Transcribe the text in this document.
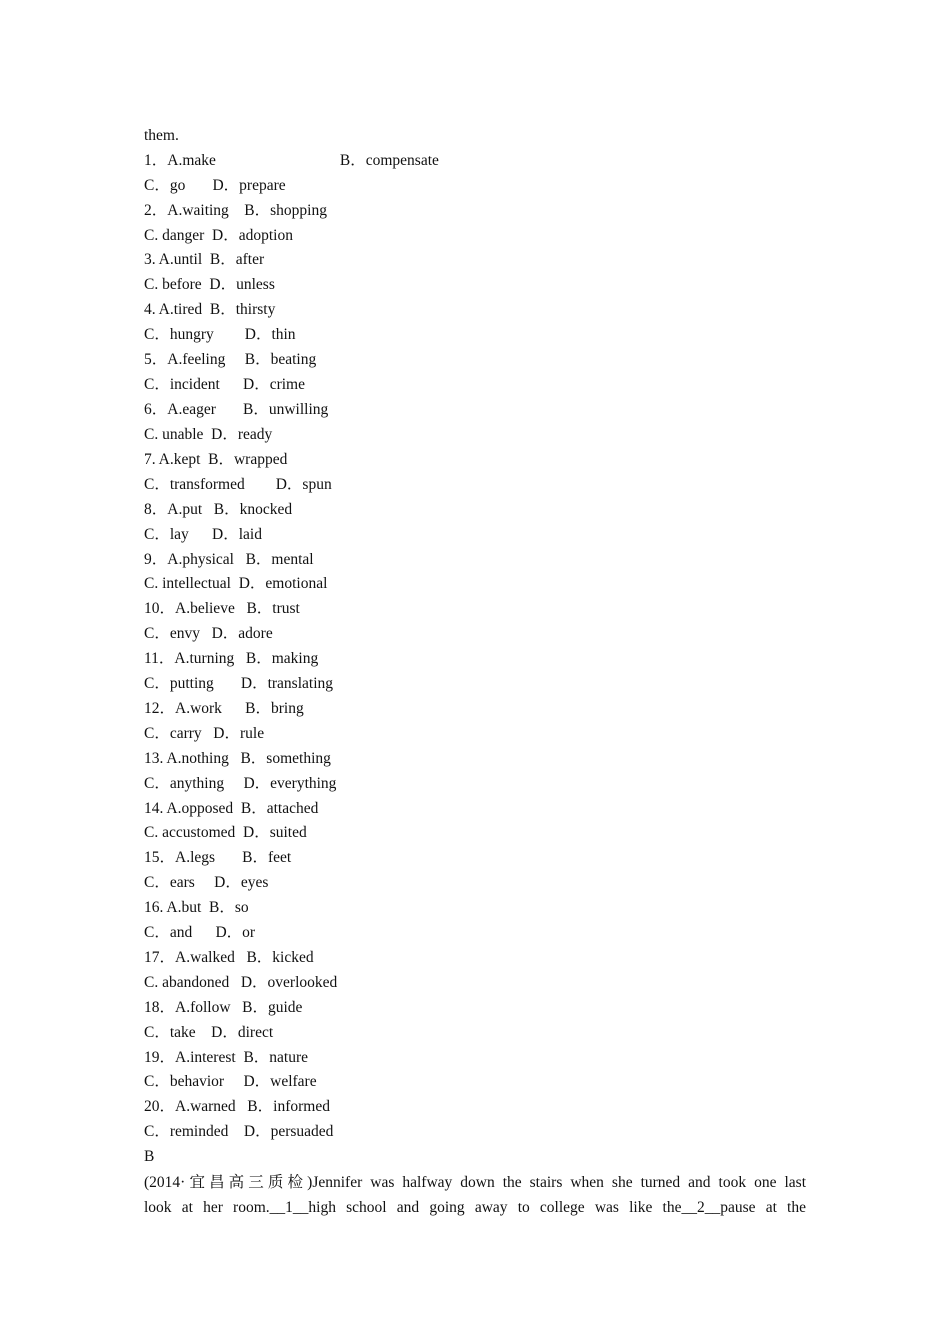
them.
1．A.make                                B．compensate
C．go       D．prepare
2．A.waiting    B．shopping
C. danger  D．adoption
3. A.until  B．after
C. before  D．unless
4. A.tired  B．thirsty
C．hungry        D．thin
5．A.feeling     B．beating
C．incident      D．crime
6．A.eager       B．unwilling
C. unable  D．ready
7. A.kept  B．wrapped
C．transformed        D．spun
8．A.put   B．knocked
C．lay      D．laid
9．A.physical   B．mental
C. intellectual  D．emotional
10．A.believe   B．trust
C．envy   D．adore
11．A.turning   B．making
C．putting       D．translating
12．A.work      B．bring
C．carry   D．rule
13. A.nothing   B．something
C．anything     D．everything
14. A.opposed  B．attached
C. accustomed  D．suited
15．A.legs       B．feet
C．ears     D．eyes
16. A.but  B．so
C．and      D．or
17．A.walked   B．kicked
C. abandoned   D．overlooked
18．A.follow   B．guide
C．take    D．direct
19．A.interest  B．nature
C．behavior     D．welfare
20．A.warned   B．informed
C．reminded    D．persuaded
B
(2014·宜昌高三质检)Jennifer was halfway down the stairs when she turned and took one last
look at her room.__1__high school and going away to college was like the__2__pause at the
